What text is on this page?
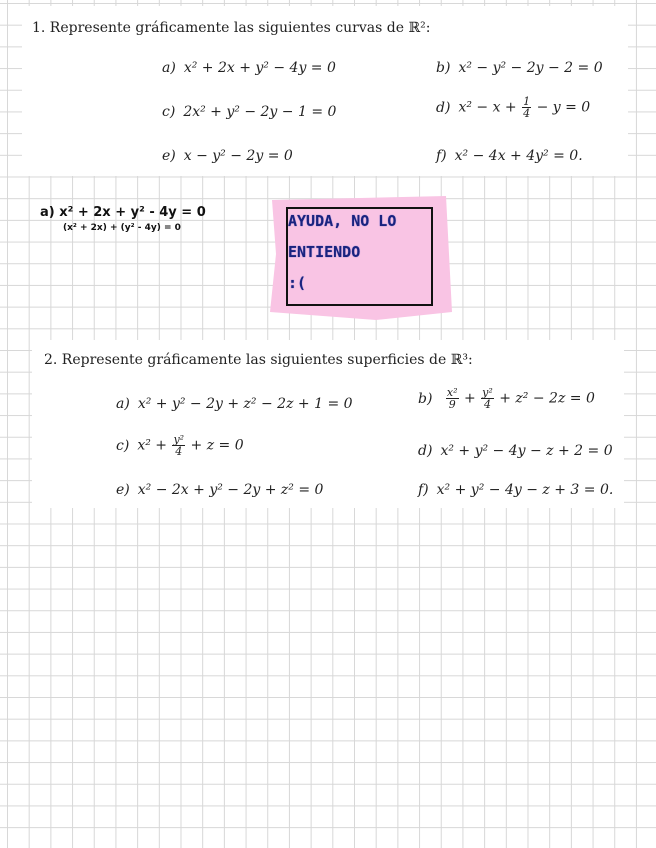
1. Represente gráficamente las siguientes curvas de ℝ²:
a) x² + 2x + y² − 4y = 0	b) x² − y² − 2y − 2 = 0
c) 2x² + y² − 2y − 1 = 0	d) $x^2 - x + \frac{1}{4} - y = 0$
e) x − y² − 2y = 0	f) x² − 4x + 4y² = 0.
a) x² + 2x + y² - 4y = 0
(x² + 2x) + (y² - 4y) = 0	AYUDA, NO LO
ENTIENDO
:(
2. Represente gráficamente las siguientes superficies de ℝ³:
a) x² + y² − 2y + z² − 2z + 1 = 0	$b) \frac{\text{x²}}{9} + \frac{\text{y²}}{4} + z^2 - 2z = 0$
c) $x^2 + \frac{\text{y²}}{4} + z = 0$	d) x² + y² − 4y − z + 2 = 0
e) x² − 2x + y² − 2y + z² = 0	f) x² + y² − 4y − z + 3 = 0.
